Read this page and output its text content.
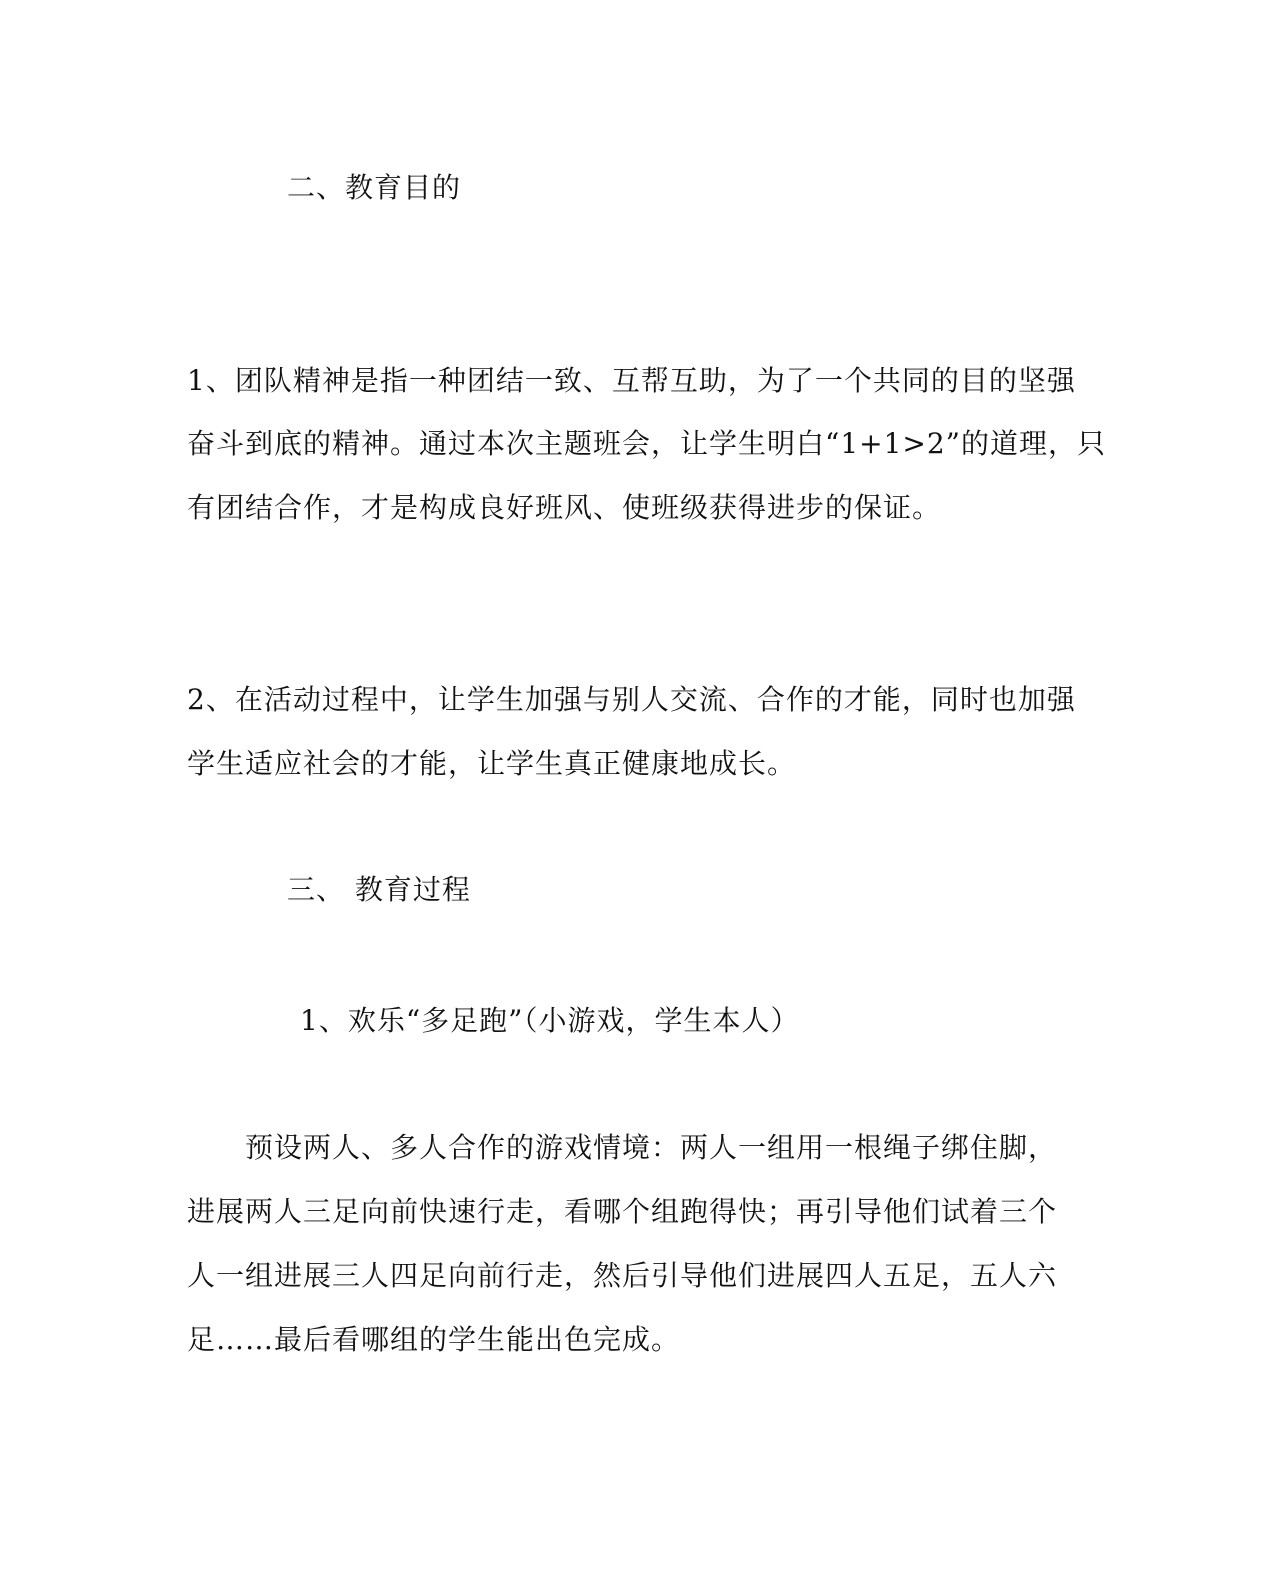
二、教育目的
1、团队精神是指一种团结一致、互帮互助，为了一个共同的目的坚强
奋斗到底的精神。通过本次主题班会，让学生明白“1+1>2”的道理，只
有团结合作，才是构成良好班风、使班级获得进步的保证。
2、在活动过程中，让学生加强与别人交流、合作的才能，同时也加强
学生适应社会的才能，让学生真正健康地成长。
三、 教育过程
1、欢乐“多足跑”（小游戏，学生本人）
预设两人、多人合作的游戏情境：两人一组用一根绳子绑住脚，
进展两人三足向前快速行走，看哪个组跑得快；再引导他们试着三个
人一组进展三人四足向前行走，然后引导他们进展四人五足，五人六
足……最后看哪组的学生能出色完成。
